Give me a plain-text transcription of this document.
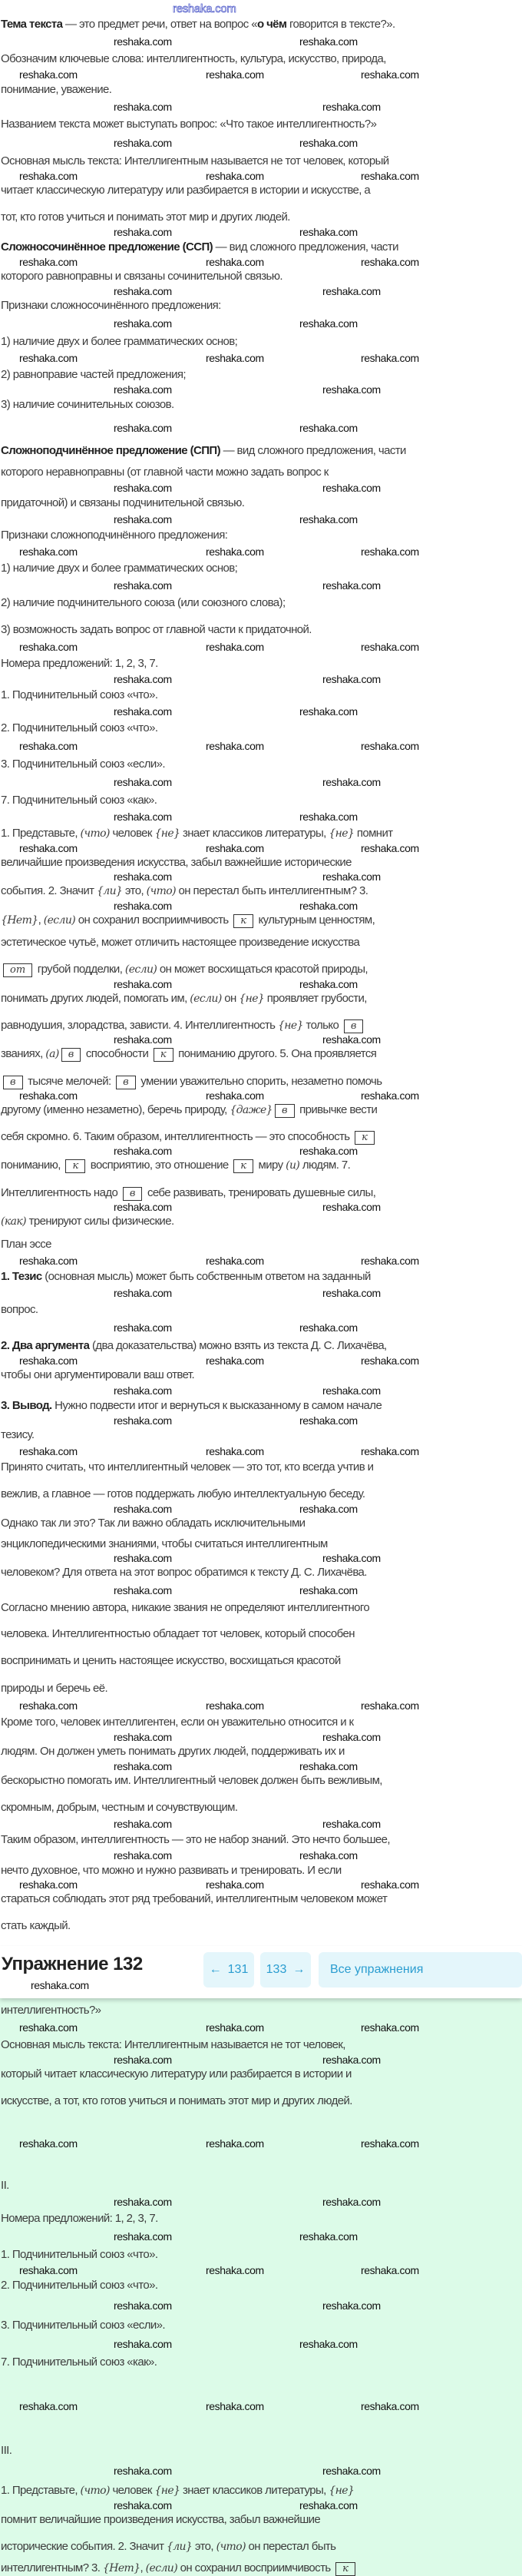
reshaka.com
Тема текста — это предмет речи, ответ на вопрос «о чём говорится в тексте?».
Обозначим ключевые слова: интеллигентность, культура, искусство, природа,
понимание, уважение.
Названием текста может выступать вопрос: «Что такое интеллигентность?»
Основная мысль текста: Интеллигентным называется не тот человек, который
читает классическую литературу или разбирается в истории и искусстве, а
тот, кто готов учиться и понимать этот мир и других людей.
Сложносочинённое предложение (ССП) — вид сложного предложения, части
которого равноправны и связаны сочинительной связью.
Признаки сложносочинённого предложения:
1) наличие двух и более грамматических основ;
2) равноправие частей предложения;
3) наличие сочинительных союзов.
Сложноподчинённое предложение (СПП) — вид сложного предложения, части
которого неравноправны (от главной части можно задать вопрос к
придаточной) и связаны подчинительной связью.
Признаки сложноподчинённого предложения:
1) наличие двух и более грамматических основ;
2) наличие подчинительного союза (или союзного слова);
3) возможность задать вопрос от главной части к придаточной.
Номера предложений: 1, 2, 3, 7.
1. Подчинительный союз «что».
2. Подчинительный союз «что».
3. Подчинительный союз «если».
7. Подчинительный союз «как».
1. Представьте, (что) человек {не} знает классиков литературы, {не} помнит
величайшие произведения искусства, забыл важнейшие исторические
события. 2. Значит {ли} это, (что) он перестал быть интеллигентным? 3.
{Нет}, (если) он сохранил восприимчивость к культурным ценностям,
эстетическое чутьё, может отличить настоящее произведение искусства
от грубой подделки, (если) он может восхищаться красотой природы,
понимать других людей, помогать им, (если) он {не} проявляет грубости,
равнодушия, злорадства, зависти. 4. Интеллигентность {не} только в
званиях, (а) в способности к пониманию другого. 5. Она проявляется
в тысяче мелочей: в умении уважительно спорить, незаметно помочь
другому (именно незаметно), беречь природу, {даже} в привычке вести
себя скромно. 6. Таким образом, интеллигентность — это способность к
пониманию, к восприятию, это отношение к миру (и) людям. 7.
Интеллигентность надо в себе развивать, тренировать душевные силы,
(как) тренируют силы физические.
План эссе
1. Тезис (основная мысль) может быть собственным ответом на заданный
вопрос.
2. Два аргумента (два доказательства) можно взять из текста Д. С. Лихачёва,
чтобы они аргументировали ваш ответ.
3. Вывод. Нужно подвести итог и вернуться к высказанному в самом начале
тезису.
Принято считать, что интеллигентный человек — это тот, кто всегда учтив и
вежлив, а главное — готов поддержать любую интеллектуальную беседу.
Однако так ли это? Так ли важно обладать исключительными
энциклопедическими знаниями, чтобы считаться интеллигентным
человеком? Для ответа на этот вопрос обратимся к тексту Д. С. Лихачёва.
Согласно мнению автора, никакие звания не определяют интеллигентного
человека. Интеллигентностью обладает тот человек, который способен
воспринимать и ценить настоящее искусство, восхищаться красотой
природы и беречь её.
Кроме того, человек интеллигентен, если он уважительно относится и к
людям. Он должен уметь понимать других людей, поддерживать их и
бескорыстно помогать им. Интеллигентный человек должен быть вежливым,
скромным, добрым, честным и сочувствующим.
Таким образом, интеллигентность — это не набор знаний. Это нечто большее,
нечто духовное, что можно и нужно развивать и тренировать. И если
стараться соблюдать этот ряд требований, интеллигентным человеком может
стать каждый.
интеллигентность?»
Основная мысль текста: Интеллигентным называется не тот человек,
который читает классическую литературу или разбирается в истории и
искусстве, а тот, кто готов учиться и понимать этот мир и других людей.
II.
Номера предложений: 1, 2, 3, 7.
1. Подчинительный союз «что».
2. Подчинительный союз «что».
3. Подчинительный союз «если».
7. Подчинительный союз «как».
III.
1. Представьте, (что) человек {не} знает классиков литературы, {не}
помнит величайшие произведения искусства, забыл важнейшие
исторические события. 2. Значит {ли} это, (что) он перестал быть
интеллигентным? 3. {Нет}, (если) он сохранил восприимчивость к
reshaka.com	reshaka.com
reshaka.com	reshaka.com	reshaka.com
reshaka.com	reshaka.com
reshaka.com	reshaka.com
reshaka.com	reshaka.com	reshaka.com
reshaka.com	reshaka.com
reshaka.com	reshaka.com	reshaka.com
reshaka.com	reshaka.com
reshaka.com	reshaka.com
reshaka.com	reshaka.com	reshaka.com
reshaka.com	reshaka.com
reshaka.com	reshaka.com
reshaka.com	reshaka.com
reshaka.com	reshaka.com
reshaka.com	reshaka.com	reshaka.com
reshaka.com	reshaka.com
reshaka.com	reshaka.com	reshaka.com
reshaka.com	reshaka.com
reshaka.com	reshaka.com
reshaka.com	reshaka.com	reshaka.com
reshaka.com	reshaka.com
reshaka.com	reshaka.com
reshaka.com	reshaka.com	reshaka.com
reshaka.com	reshaka.com
reshaka.com	reshaka.com
reshaka.com	reshaka.com
reshaka.com	reshaka.com
reshaka.com	reshaka.com	reshaka.com
reshaka.com	reshaka.com
reshaka.com	reshaka.com
reshaka.com	reshaka.com	reshaka.com
reshaka.com	reshaka.com
reshaka.com	reshaka.com
reshaka.com	reshaka.com	reshaka.com
reshaka.com	reshaka.com
reshaka.com	reshaka.com
reshaka.com	reshaka.com	reshaka.com
reshaka.com	reshaka.com
reshaka.com	reshaka.com
reshaka.com	reshaka.com
reshaka.com	reshaka.com	reshaka.com
reshaka.com	reshaka.com
reshaka.com	reshaka.com
reshaka.com	reshaka.com
reshaka.com	reshaka.com
reshaka.com	reshaka.com	reshaka.com
reshaka.com	reshaka.com	reshaka.com
reshaka.com	reshaka.com
reshaka.com	reshaka.com	reshaka.com
reshaka.com	reshaka.com
reshaka.com	reshaka.com
reshaka.com	reshaka.com	reshaka.com
reshaka.com	reshaka.com
reshaka.com	reshaka.com
reshaka.com	reshaka.com	reshaka.com
reshaka.com	reshaka.com
reshaka.com	reshaka.com
Упражнение 132
reshaka.com
← 131 133 → Все упражнения
